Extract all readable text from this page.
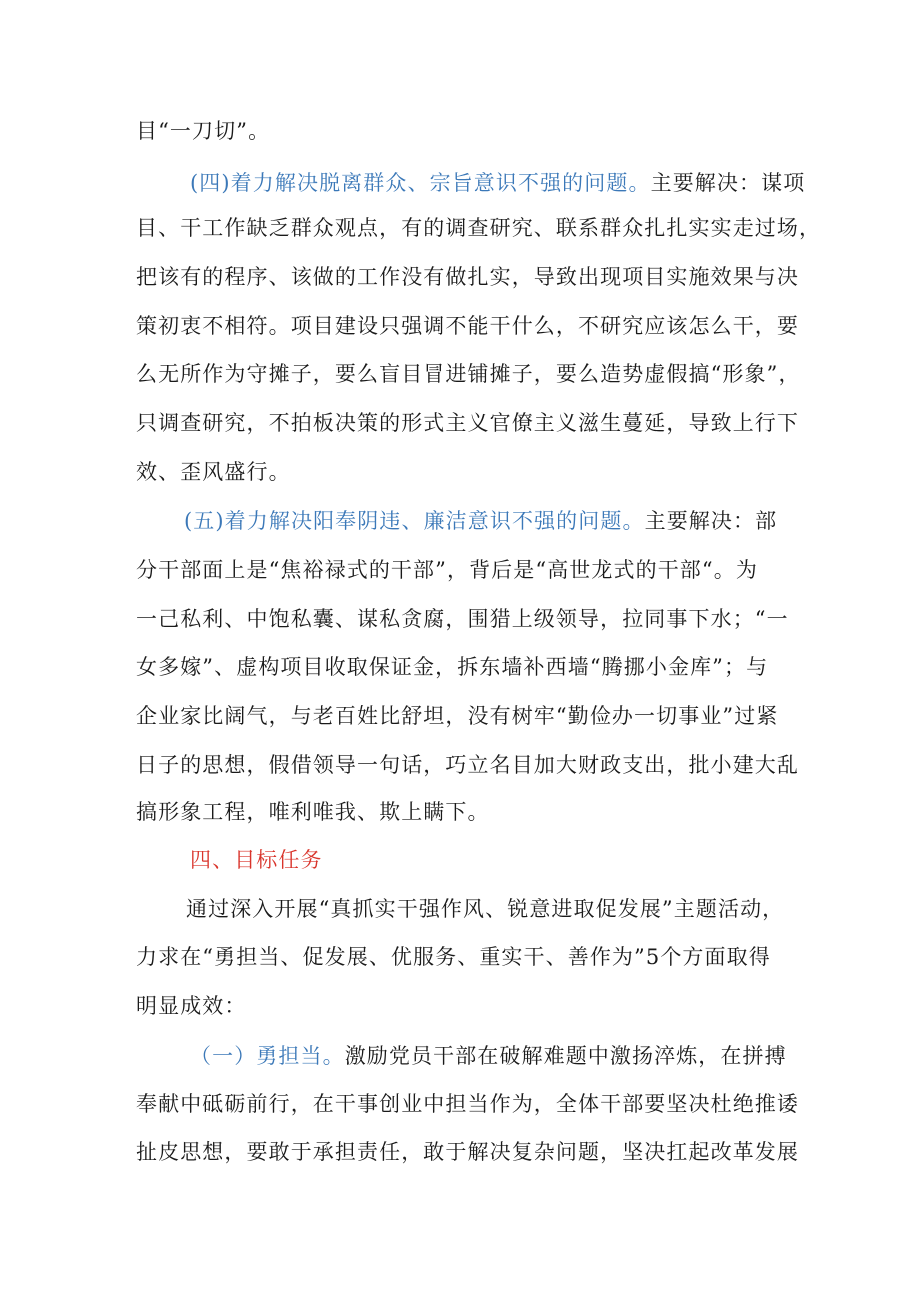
目“一刀切”。
(四)着力解决脱离群众、宗旨意识不强的问题。主要解决：谋项
目、干工作缺乏群众观点，有的调查研究、联系群众扎扎实实走过场，
把该有的程序、该做的工作没有做扎实，导致出现项目实施效果与决
策初衷不相符。项目建设只强调不能干什么，不研究应该怎么干，要
么无所作为守摊子，要么盲目冒进铺摊子，要么造势虚假搞“形象”，
只调查研究，不拍板决策的形式主义官僚主义滋生蔓延，导致上行下
效、歪风盛行。
(五)着力解决阳奉阴违、廉洁意识不强的问题。主要解决：部
分干部面上是“焦裕禄式的干部”，背后是“高世龙式的干部“。为
一己私利、中饱私囊、谋私贪腐，围猎上级领导，拉同事下水；“一
女多嫁”、虚构项目收取保证金，拆东墙补西墙“腾挪小金库”；与
企业家比阔气，与老百姓比舒坦，没有树牢“勤俭办一切事业”过紧
日子的思想，假借领导一句话，巧立名目加大财政支出，批小建大乱
搞形象工程，唯利唯我、欺上瞒下。
四、目标任务
通过深入开展“真抓实干强作风、锐意进取促发展”主题活动，
力求在“勇担当、促发展、优服务、重实干、善作为”5个方面取得
明显成效：
（一）勇担当。激励党员干部在破解难题中激扬淬炼，在拼搏
奉献中砥砺前行，在干事创业中担当作为，全体干部要坚决杜绝推诿
扯皮思想，要敢于承担责任，敢于解决复杂问题，坚决扛起改革发展
